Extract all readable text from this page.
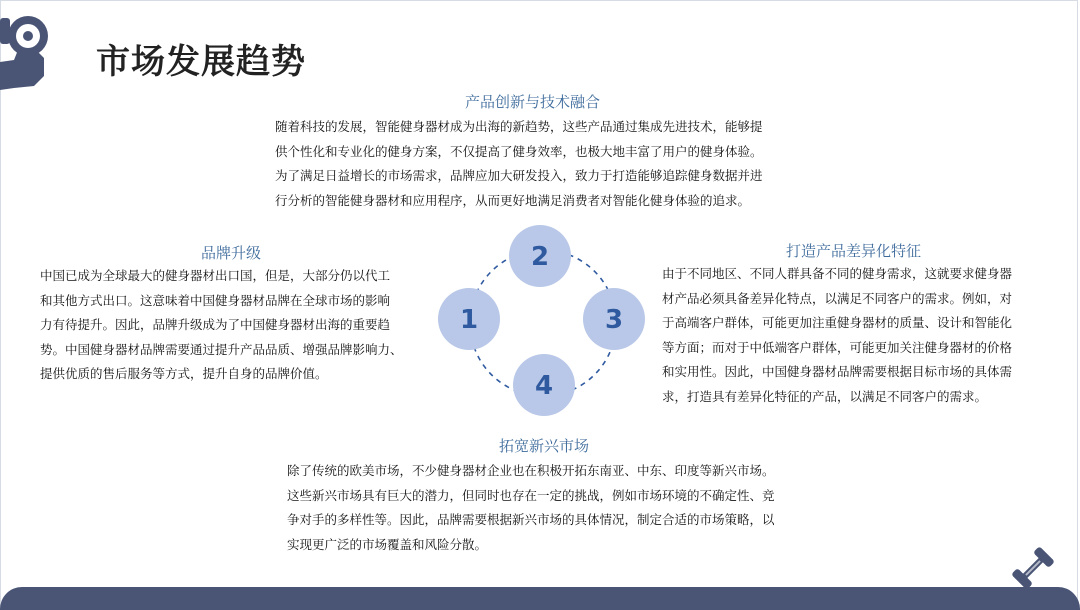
市场发展趋势
产品创新与技术融合
随着科技的发展，智能健身器材成为出海的新趋势，这些产品通过集成先进技术，能够提
供个性化和专业化的健身方案，不仅提高了健身效率，也极大地丰富了用户的健身体验。
为了满足日益增长的市场需求，品牌应加大研发投入，致力于打造能够追踪健身数据并进
行分析的智能健身器材和应用程序，从而更好地满足消费者对智能化健身体验的追求。
品牌升级
中国已成为全球最大的健身器材出口国，但是，大部分仍以代工
和其他方式出口。这意味着中国健身器材品牌在全球市场的影响
力有待提升。因此，品牌升级成为了中国健身器材出海的重要趋
势。中国健身器材品牌需要通过提升产品品质、增强品牌影响力、
提供优质的售后服务等方式，提升自身的品牌价值。
打造产品差异化特征
由于不同地区、不同人群具备不同的健身需求，这就要求健身器
材产品必须具备差异化特点，以满足不同客户的需求。例如，对
于高端客户群体，可能更加注重健身器材的质量、设计和智能化
等方面；而对于中低端客户群体，可能更加关注健身器材的价格
和实用性。因此，中国健身器材品牌需要根据目标市场的具体需
求，打造具有差异化特征的产品，以满足不同客户的需求。
拓宽新兴市场
除了传统的欧美市场，不少健身器材企业也在积极开拓东南亚、中东、印度等新兴市场。
这些新兴市场具有巨大的潜力，但同时也存在一定的挑战，例如市场环境的不确定性、竞
争对手的多样性等。因此，品牌需要根据新兴市场的具体情况，制定合适的市场策略，以
实现更广泛的市场覆盖和风险分散。
2
1	3
4
